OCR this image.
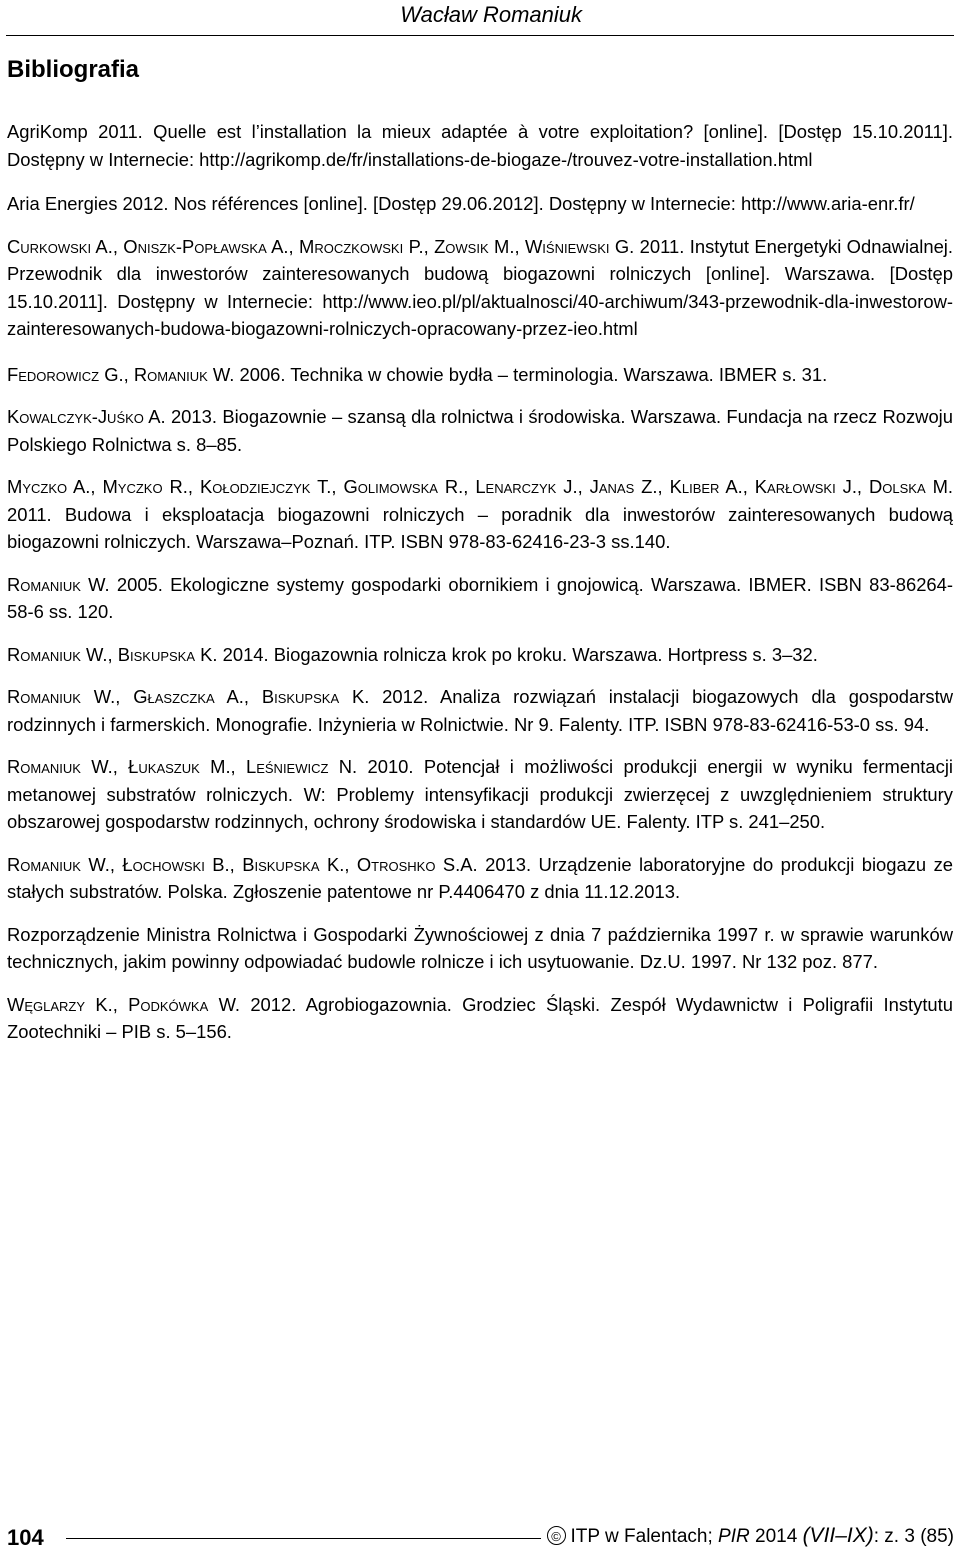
Wacław Romaniuk
Bibliografia
AgriKomp 2011. Quelle est l’installation la mieux adaptée à votre exploitation? [online]. [Dostęp 15.10.2011]. Dostępny w Internecie: http://agrikomp.de/fr/installations-de-biogaze-/trouvez-votre-installation.html
Aria Energies 2012. Nos références [online]. [Dostęp 29.06.2012]. Dostępny w Internecie: http://www.aria-enr.fr/
Curkowski A., Oniszk-Popławska A., Mroczkowski P., Zowsik M., Wiśniewski G. 2011. Instytut Energetyki Odnawialnej. Przewodnik dla inwestorów zainteresowanych budową biogazowni rolniczych [online]. Warszawa. [Dostęp 15.10.2011]. Dostępny w Internecie: http://www.ieo.pl/pl/aktualnosci/40-archiwum/343-przewodnik-dla-inwestorow-zainteresowanych-budowa-biogazowni-rolniczych-opracowany-przez-ieo.html
Fedorowicz G., Romaniuk W. 2006. Technika w chowie bydła – terminologia. Warszawa. IBMER s. 31.
Kowalczyk-Juśko A. 2013. Biogazownie – szansą dla rolnictwa i środowiska. Warszawa. Fundacja na rzecz Rozwoju Polskiego Rolnictwa s. 8–85.
Myczko A., Myczko R., Kołodziejczyk T., Golimowska R., Lenarczyk J., Janas Z., Kliber A., Karłowski J., Dolska M. 2011. Budowa i eksploatacja biogazowni rolniczych – poradnik dla inwestorów zainteresowanych budową biogazowni rolniczych. Warszawa–Poznań. ITP. ISBN 978-83-62416-23-3 ss.140.
Romaniuk W. 2005. Ekologiczne systemy gospodarki obornikiem i gnojowicą. Warszawa. IBMER. ISBN 83-86264-58-6 ss. 120.
Romaniuk W., Biskupska K. 2014. Biogazownia rolnicza krok po kroku. Warszawa. Hortpress s. 3–32.
Romaniuk W., Głaszczka A., Biskupska K. 2012. Analiza rozwiązań instalacji biogazowych dla gospodarstw rodzinnych i farmerskich. Monografie. Inżynieria w Rolnictwie. Nr 9. Falenty. ITP. ISBN 978-83-62416-53-0 ss. 94.
Romaniuk W., Łukaszuk M., Leśniewicz N. 2010. Potencjał i możliwości produkcji energii w wyniku fermentacji metanowej substratów rolniczych. W: Problemy intensyfikacji produkcji zwierzęcej z uwzględnieniem struktury obszarowej gospodarstw rodzinnych, ochrony środowiska i standardów UE. Falenty. ITP s. 241–250.
Romaniuk W., Łochowski B., Biskupska K., Otroshko S.A. 2013. Urządzenie laboratoryjne do produkcji biogazu ze stałych substratów. Polska. Zgłoszenie patentowe nr P.4406470 z dnia 11.12.2013.
Rozporządzenie Ministra Rolnictwa i Gospodarki Żywnościowej z dnia 7 października 1997 r. w sprawie warunków technicznych, jakim powinny odpowiadać budowle rolnicze i ich usytuowanie. Dz.U. 1997. Nr 132 poz. 877.
Węglarzy K., Podkówka W. 2012. Agrobiogazownia. Grodziec Śląski. Zespół Wydawnictw i Poligrafii Instytutu Zootechniki – PIB s. 5–156.
104	© ITP w Falentach; PIR 2014 (VII–IX): z. 3 (85)
